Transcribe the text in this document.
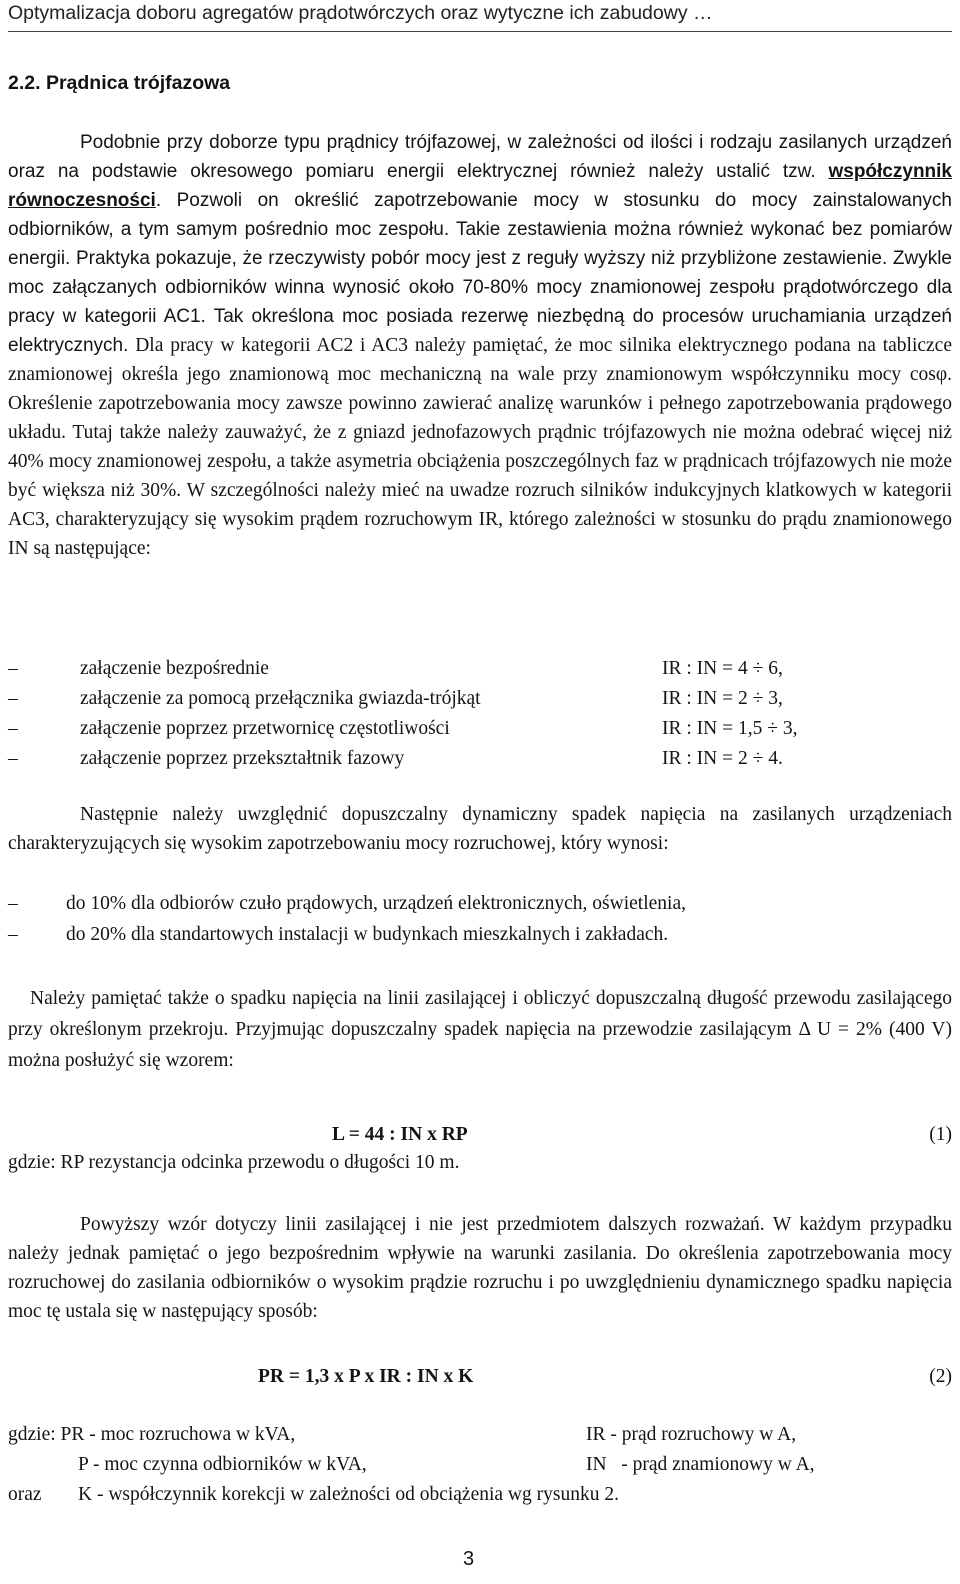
Optymalizacja doboru agregatów prądotwórczych oraz wytyczne ich zabudowy …
2.2. Prądnica trójfazowa

Podobnie przy doborze typu prądnicy trójfazowej, w zależności od ilości i rodzaju zasilanych urządzeń oraz na podstawie okresowego pomiaru energii elektrycznej również należy ustalić tzw. współczynnik równoczesności. Pozwoli on określić zapotrzebowanie mocy w stosunku do mocy zainstalowanych odbiorników, a tym samym pośrednio moc zespołu. Takie zestawienia można również wykonać bez pomiarów energii. Praktyka pokazuje, że rzeczywisty pobór mocy jest z reguły wyższy niż przybliżone zestawienie. Zwykle moc załączanych odbiorników winna wynosić około 70-80% mocy znamionowej zespołu prądotwórczego dla pracy w kategorii AC1. Tak określona moc posiada rezerwę niezbędną do procesów uruchamiania urządzeń elektrycznych. Dla pracy w kategorii AC2 i AC3 należy pamiętać, że moc silnika elektrycznego podana na tabliczce znamionowej określa jego znamionową moc mechaniczną na wale przy znamionowym współczynniku mocy cosφ. Określenie zapotrzebowania mocy zawsze powinno zawierać analizę warunków i pełnego zapotrzebowania prądowego układu. Tutaj także należy zauważyć, że z gniazd jednofazowych prądnic trójfazowych nie można odebrać więcej niż 40% mocy znamionowej zespołu, a także asymetria obciążenia poszczególnych faz w prądnicach trójfazowych nie może być większa niż 30%. W szczególności należy mieć na uwadze rozruch silników indukcyjnych klatkowych w kategorii AC3, charakteryzujący się wysokim prądem rozruchowym IR, którego zależności w stosunku do prądu znamionowego IN są następujące:

–	załączenie bezpośrednie	IR : IN = 4 ÷ 6,
–	załączenie za pomocą przełącznika gwiazda-trójkąt	IR : IN = 2 ÷ 3,
–	załączenie poprzez przetwornicę częstotliwości	IR : IN = 1,5 ÷ 3,
–	załączenie poprzez przekształtnik fazowy	IR : IN = 2 ÷ 4.

Następnie należy uwzględnić dopuszczalny dynamiczny spadek napięcia na zasilanych urządzeniach charakteryzujących się wysokim zapotrzebowaniu mocy rozruchowej, który wynosi:

– do 10% dla odbiorów czuło prądowych, urządzeń elektronicznych, oświetlenia,
– do 20% dla standartowych instalacji w budynkach mieszkalnych i zakładach.

Należy pamiętać także o spadku napięcia na linii zasilającej i obliczyć dopuszczalną długość przewodu zasilającego przy określonym przekroju. Przyjmując dopuszczalny spadek napięcia na przewodzie zasilającym Δ U = 2% (400 V) można posłużyć się wzorem:

L = 44 : IN x RP	(1)
gdzie: RP rezystancja odcinka przewodu o długości 10 m.

Powyższy wzór dotyczy linii zasilającej i nie jest przedmiotem dalszych rozważań. W każdym przypadku należy jednak pamiętać o jego bezpośrednim wpływie na warunki zasilania. Do określenia zapotrzebowania mocy rozruchowej do zasilania odbiorników o wysokim prądzie rozruchu i po uwzględnieniu dynamicznego spadku napięcia moc tę ustala się w następujący sposób:

PR = 1,3 x P x IR : IN x K	(2)
gdzie: PR - moc rozruchowa w kVA,	IR - prąd rozruchowy w A,
P - moc czynna odbiorników w kVA,	IN   - prąd znamionowy w A,
oraz K - współczynnik korekcji w zależności od obciążenia wg rysunku 2.
3
